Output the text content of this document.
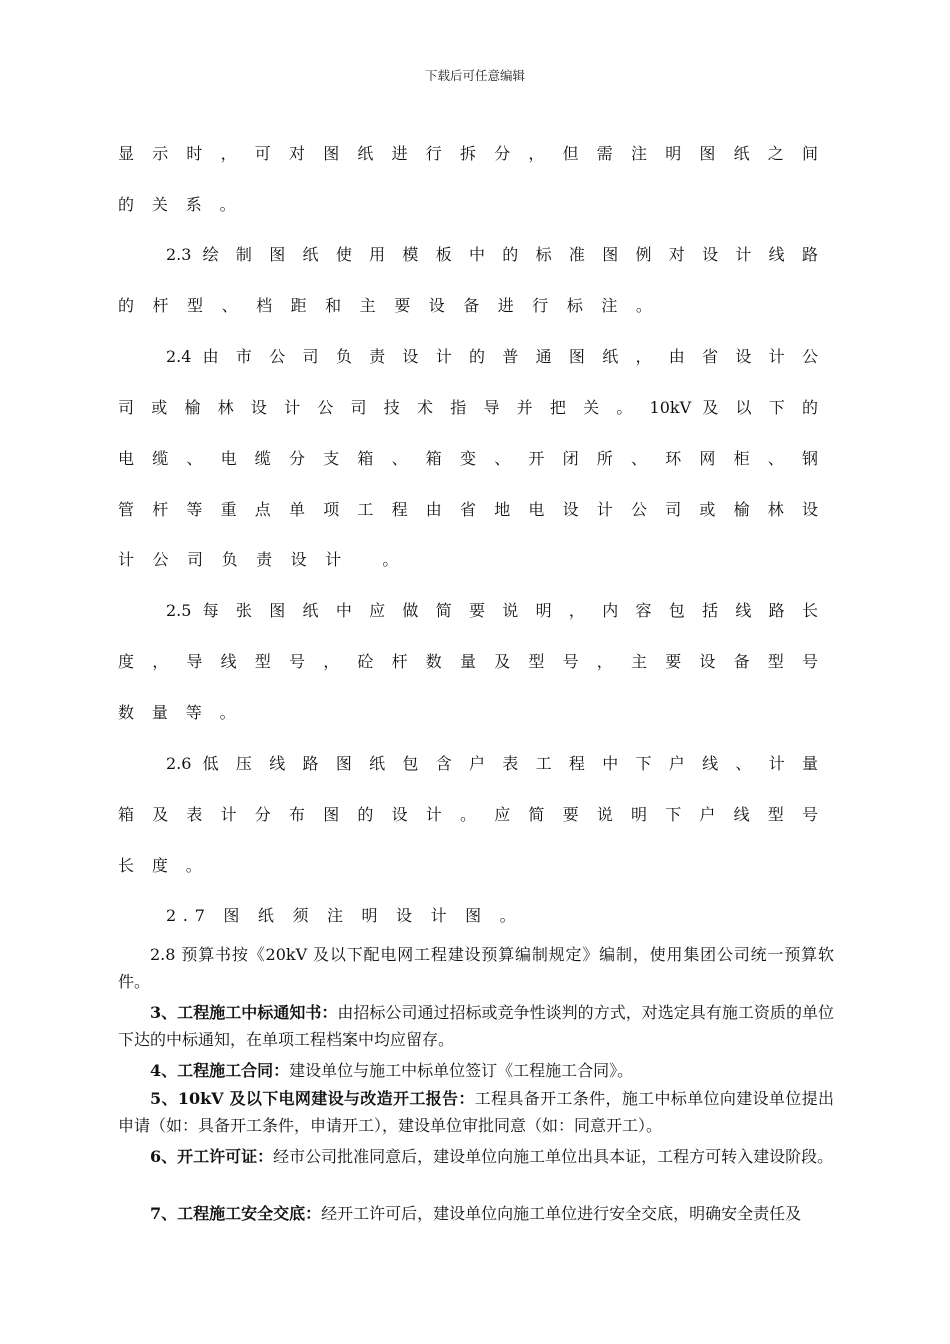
下载后可任意编辑
显 示 时 ， 可 对 图 纸 进 行 拆 分 ， 但 需 注 明 图 纸 之 间
的 关 系 。
2.3 绘 制 图 纸 使 用 模 板 中 的 标 准 图 例 对 设 计 线 路
的 杆 型 、 档 距 和 主 要 设 备 进 行 标 注 。
2.4 由 市 公 司 负 责 设 计 的 普 通 图 纸 ， 由 省 设 计 公
司 或 榆 林 设 计 公 司 技 术 指 导 并 把 关 。 10kV 及 以 下 的
电 缆 、 电 缆 分 支 箱 、 箱 变 、 开 闭 所 、 环 网 柜 、 钢
管 杆 等 重 点 单 项 工 程 由 省 地 电 设 计 公 司 或 榆 林 设
计 公 司 负 责 设 计　 。
2.5 每 张 图 纸 中 应 做 简 要 说 明 ， 内 容 包 括 线 路 长
度 ， 导 线 型 号 ， 砼 杆 数 量 及 型 号 ， 主 要 设 备 型 号
数 量 等 。
2.6 低 压 线 路 图 纸 包 含 户 表 工 程 中 下 户 线 、 计 量
箱 及 表 计 分 布 图 的 设 计 。 应 简 要 说 明 下 户 线 型 号
长 度 。
2.7 图 纸 须 注 明 设 计 图 。
2.8 预算书按《20kV 及以下配电网工程建设预算编制规定》编制，使用集团公司统一预算软件。
3、工程施工中标通知书：由招标公司通过招标或竞争性谈判的方式，对选定具有施工资质的单位下达的中标通知，在单项工程档案中均应留存。
4、工程施工合同：建设单位与施工中标单位签订《工程施工合同》。
5、10kV 及以下电网建设与改造开工报告：工程具备开工条件，施工中标单位向建设单位提出申请（如：具备开工条件，申请开工），建设单位审批同意（如：同意开工）。
6、开工许可证：经市公司批准同意后，建设单位向施工单位出具本证，工程方可转入建设阶段。
7、工程施工安全交底：经开工许可后，建设单位向施工单位进行安全交底，明确安全责任及
